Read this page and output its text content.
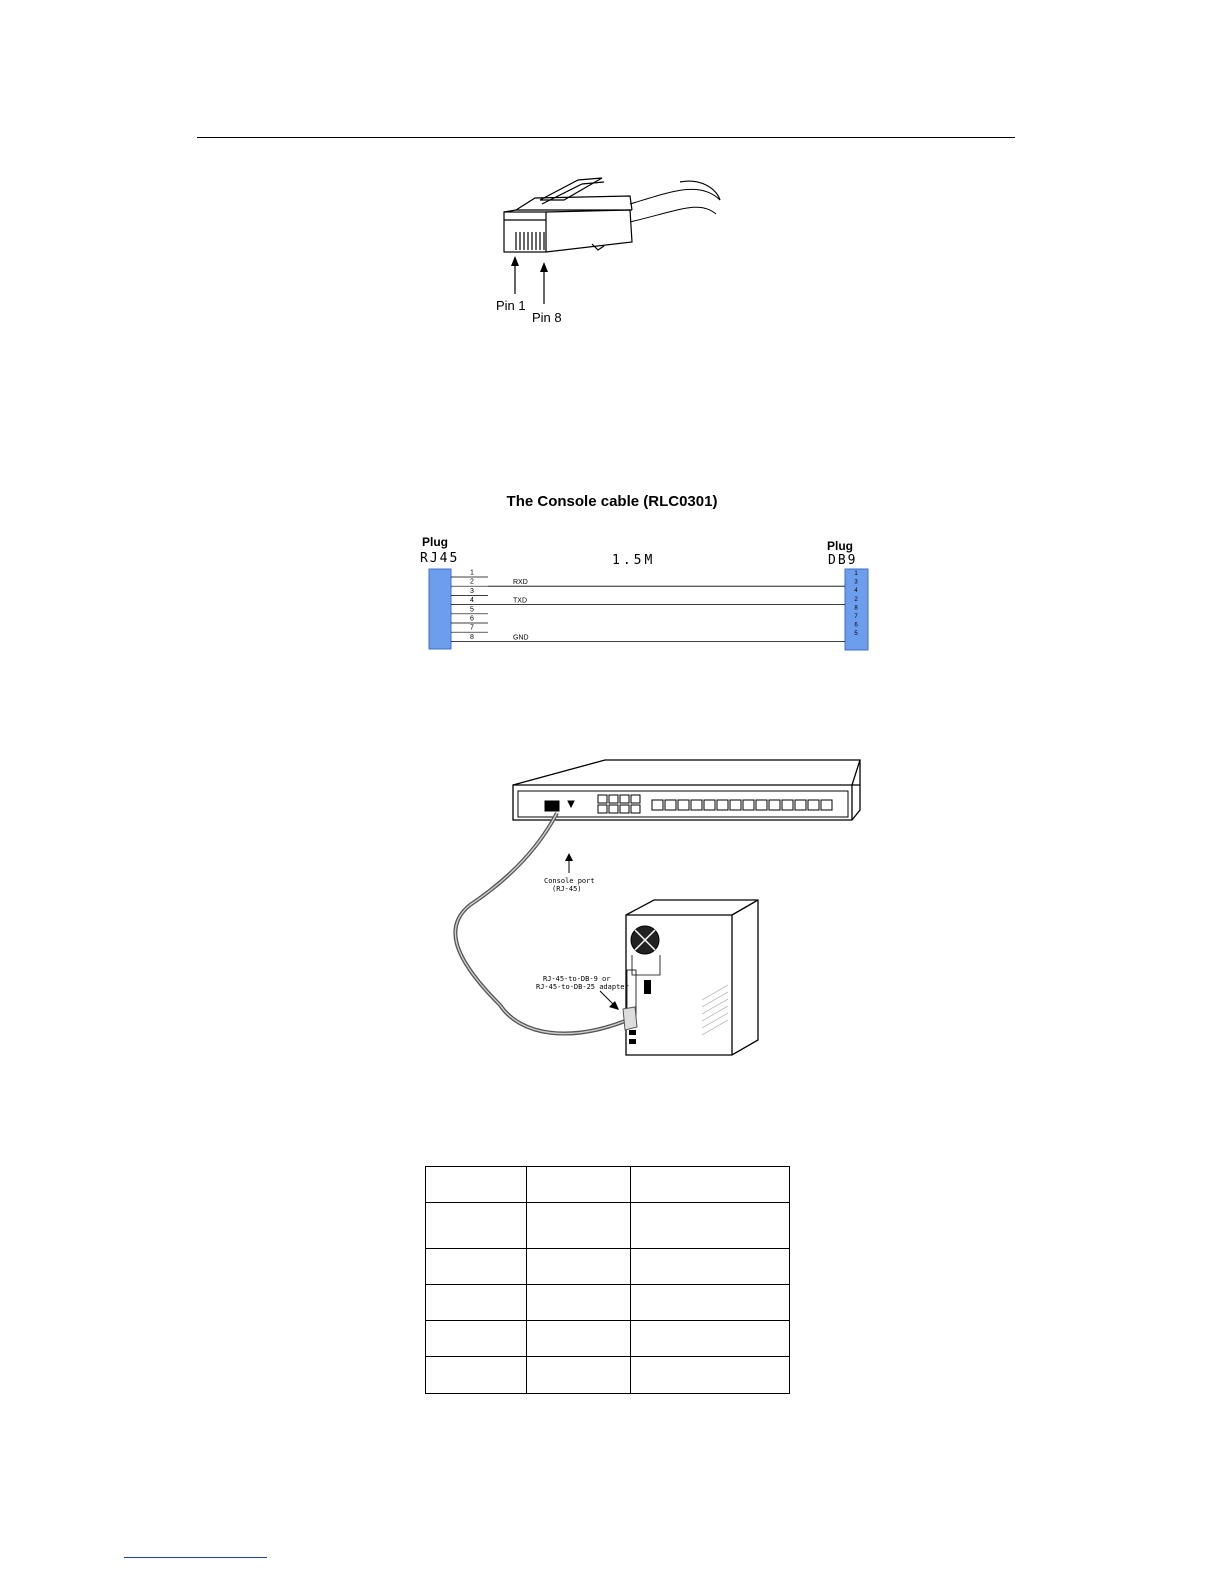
Pin 1
Pin 8
The Console cable (RLC0301)
Plug
RJ45
Plug
DB9
1.5M
1
2
3
4
5
6
7
8
1
3
4
2
8
7
6
5
RXD
TXD
GND
Console port (RJ-45)
RJ-45-to-DB-9 or RJ-45-to-DB-25 adapter
